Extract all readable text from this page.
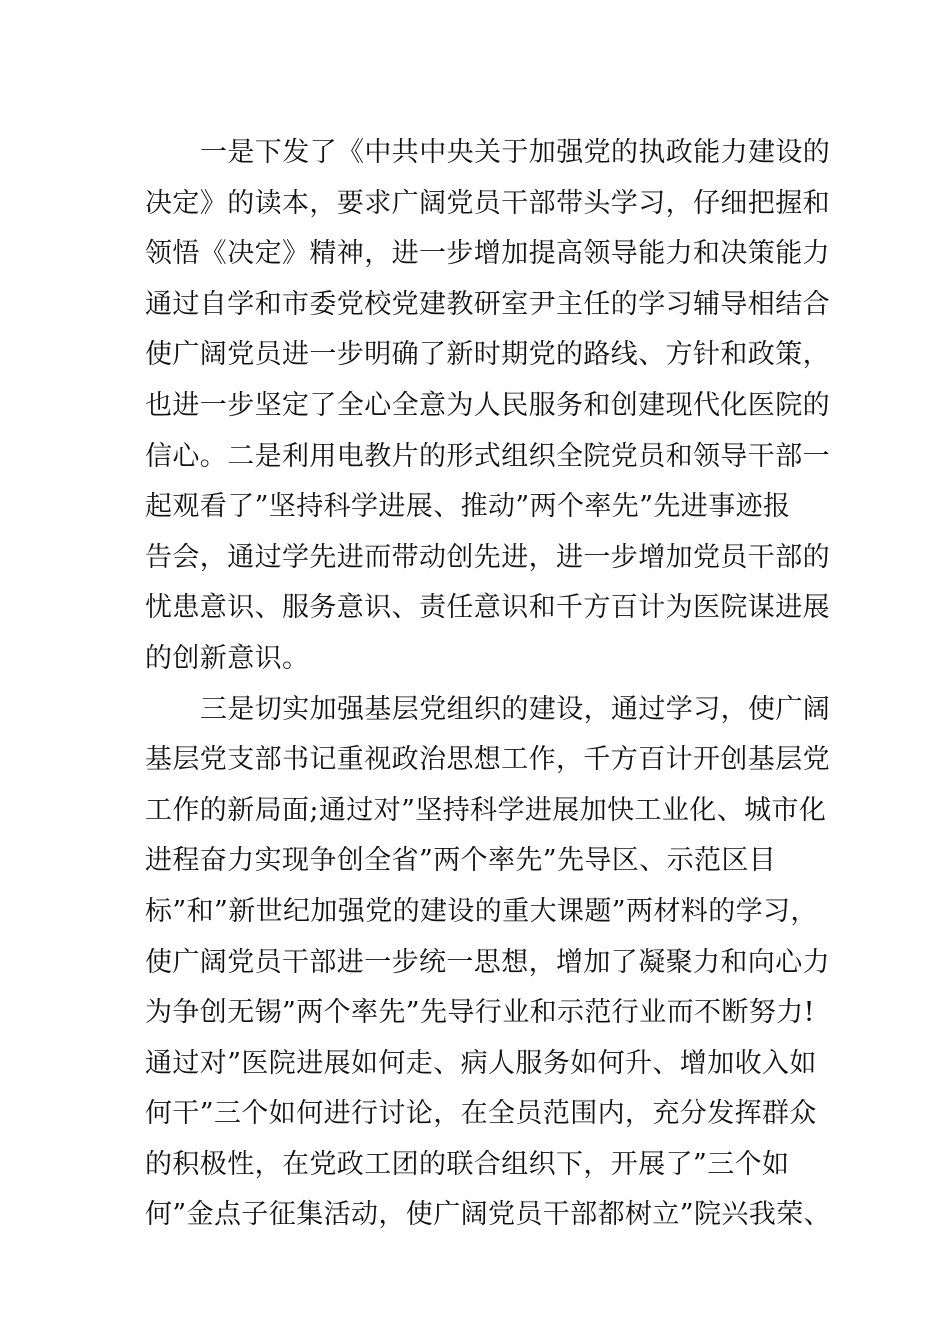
一是下发了《中共中央关于加强党的执政能力建设的
决定》的读本，要求广阔党员干部带头学习，仔细把握和
领悟《决定》精神，进一步增加提高领导能力和决策能力
通过自学和市委党校党建教研室尹主任的学习辅导相结合
使广阔党员进一步明确了新时期党的路线、方针和政策，
也进一步坚定了全心全意为人民服务和创建现代化医院的
信心。二是利用电教片的形式组织全院党员和领导干部一
起观看了”坚持科学进展、推动”两个率先”先进事迹报
告会，通过学先进而带动创先进，进一步增加党员干部的
忧患意识、服务意识、责任意识和千方百计为医院谋进展
的创新意识。
三是切实加强基层党组织的建设，通过学习，使广阔
基层党支部书记重视政治思想工作，千方百计开创基层党
工作的新局面;通过对”坚持科学进展加快工业化、城市化
进程奋力实现争创全省”两个率先”先导区、示范区目
标”和”新世纪加强党的建设的重大课题”两材料的学习，
使广阔党员干部进一步统一思想，增加了凝聚力和向心力
为争创无锡”两个率先”先导行业和示范行业而不断努力!
通过对”医院进展如何走、病人服务如何升、增加收入如
何干”三个如何进行讨论，在全员范围内，充分发挥群众
的积极性，在党政工团的联合组织下，开展了”三个如
何”金点子征集活动，使广阔党员干部都树立”院兴我荣、
